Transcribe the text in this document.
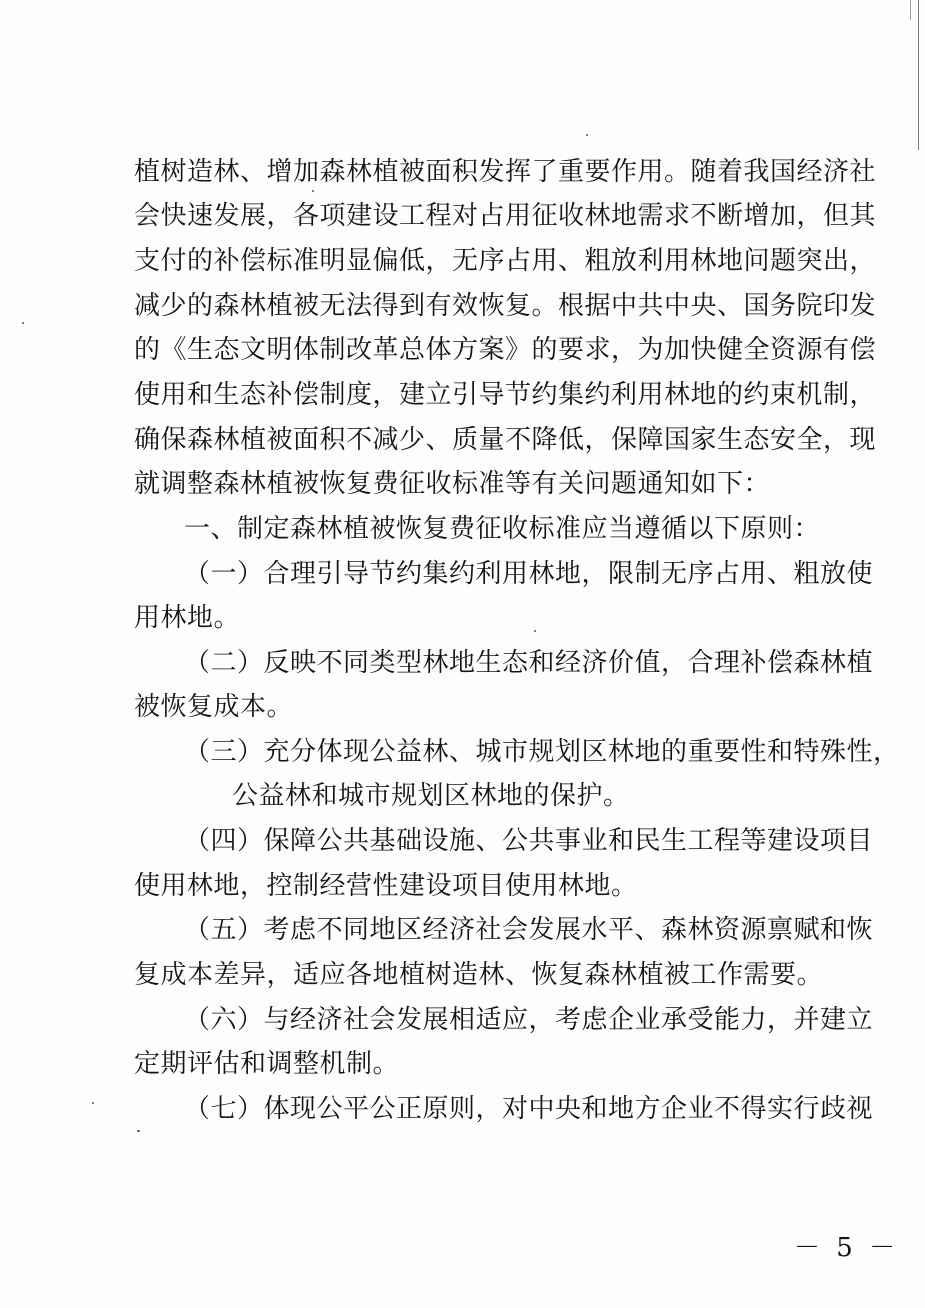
植树造林、增加森林植被面积发挥了重要作用。随着我国经济社
会快速发展，各项建设工程对占用征收林地需求不断增加，但其
支付的补偿标准明显偏低，无序占用、粗放利用林地问题突出，
减少的森林植被无法得到有效恢复。根据中共中央、国务院印发
的《生态文明体制改革总体方案》的要求，为加快健全资源有偿
使用和生态补偿制度，建立引导节约集约利用林地的约束机制，
确保森林植被面积不减少、质量不降低，保障国家生态安全，现
就调整森林植被恢复费征收标准等有关问题通知如下：
一、制定森林植被恢复费征收标准应当遵循以下原则：
（一）合理引导节约集约利用林地，限制无序占用、粗放使
用林地。
（二）反映不同类型林地生态和经济价值，合理补偿森林植
被恢复成本。
（三）充分体现公益林、城市规划区林地的重要性和特殊性，
公益林和城市规划区林地的保护。
（四）保障公共基础设施、公共事业和民生工程等建设项目
使用林地，控制经营性建设项目使用林地。
（五）考虑不同地区经济社会发展水平、森林资源禀赋和恢
复成本差异，适应各地植树造林、恢复森林植被工作需要。
（六）与经济社会发展相适应，考虑企业承受能力，并建立
定期评估和调整机制。
（七）体现公平公正原则，对中央和地方企业不得实行歧视
－ 5 －
